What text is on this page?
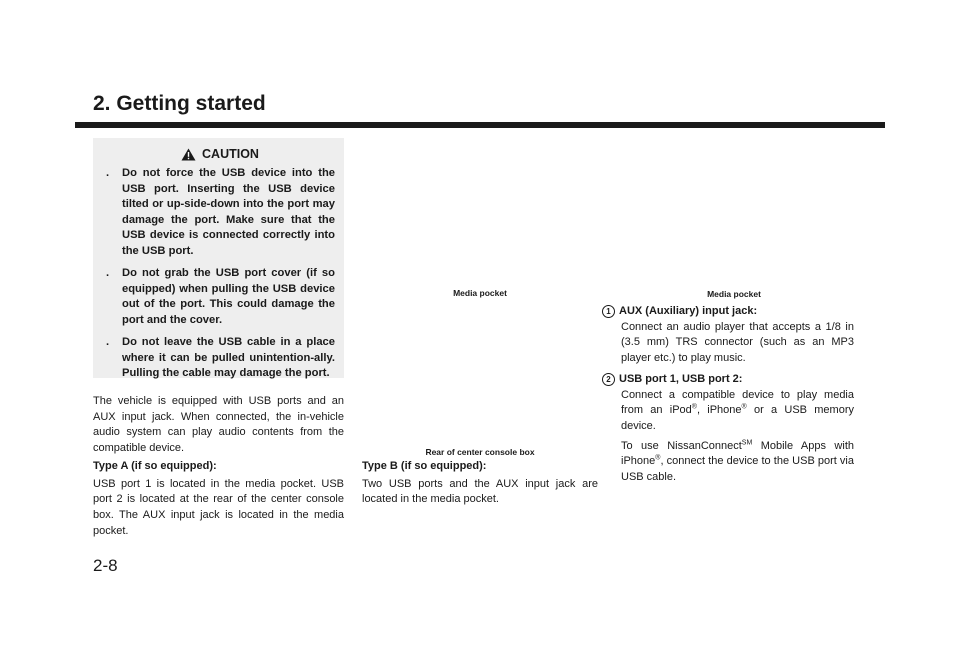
2. Getting started
CAUTION
. Do not force the USB device into the USB port. Inserting the USB device tilted or up-side-down into the port may damage the port. Make sure that the USB device is connected correctly into the USB port.
. Do not grab the USB port cover (if so equipped) when pulling the USB device out of the port. This could damage the port and the cover.
. Do not leave the USB cable in a place where it can be pulled unintention-ally. Pulling the cable may damage the port.

The vehicle is equipped with USB ports and an AUX input jack. When connected, the in-vehicle audio system can play audio contents from the compatible device.

Type A (if so equipped):

USB port 1 is located in the media pocket. USB port 2 is located at the rear of the center console box. The AUX input jack is located in the media pocket.

Media pocket
Rear of center console box

Type B (if so equipped):

Two USB ports and the AUX input jack are located in the media pocket.

Media pocket
1 AUX (Auxiliary) input jack:

Connect an audio player that accepts a 1/8 in (3.5 mm) TRS connector (such as an MP3 player etc.) to play music.

2 USB port 1, USB port 2:

Connect a compatible device to play media from an iPod®, iPhone® or a USB memory device.

To use NissanConnect℠ Mobile Apps with iPhone®, connect the device to the USB port via USB cable.

2-8
